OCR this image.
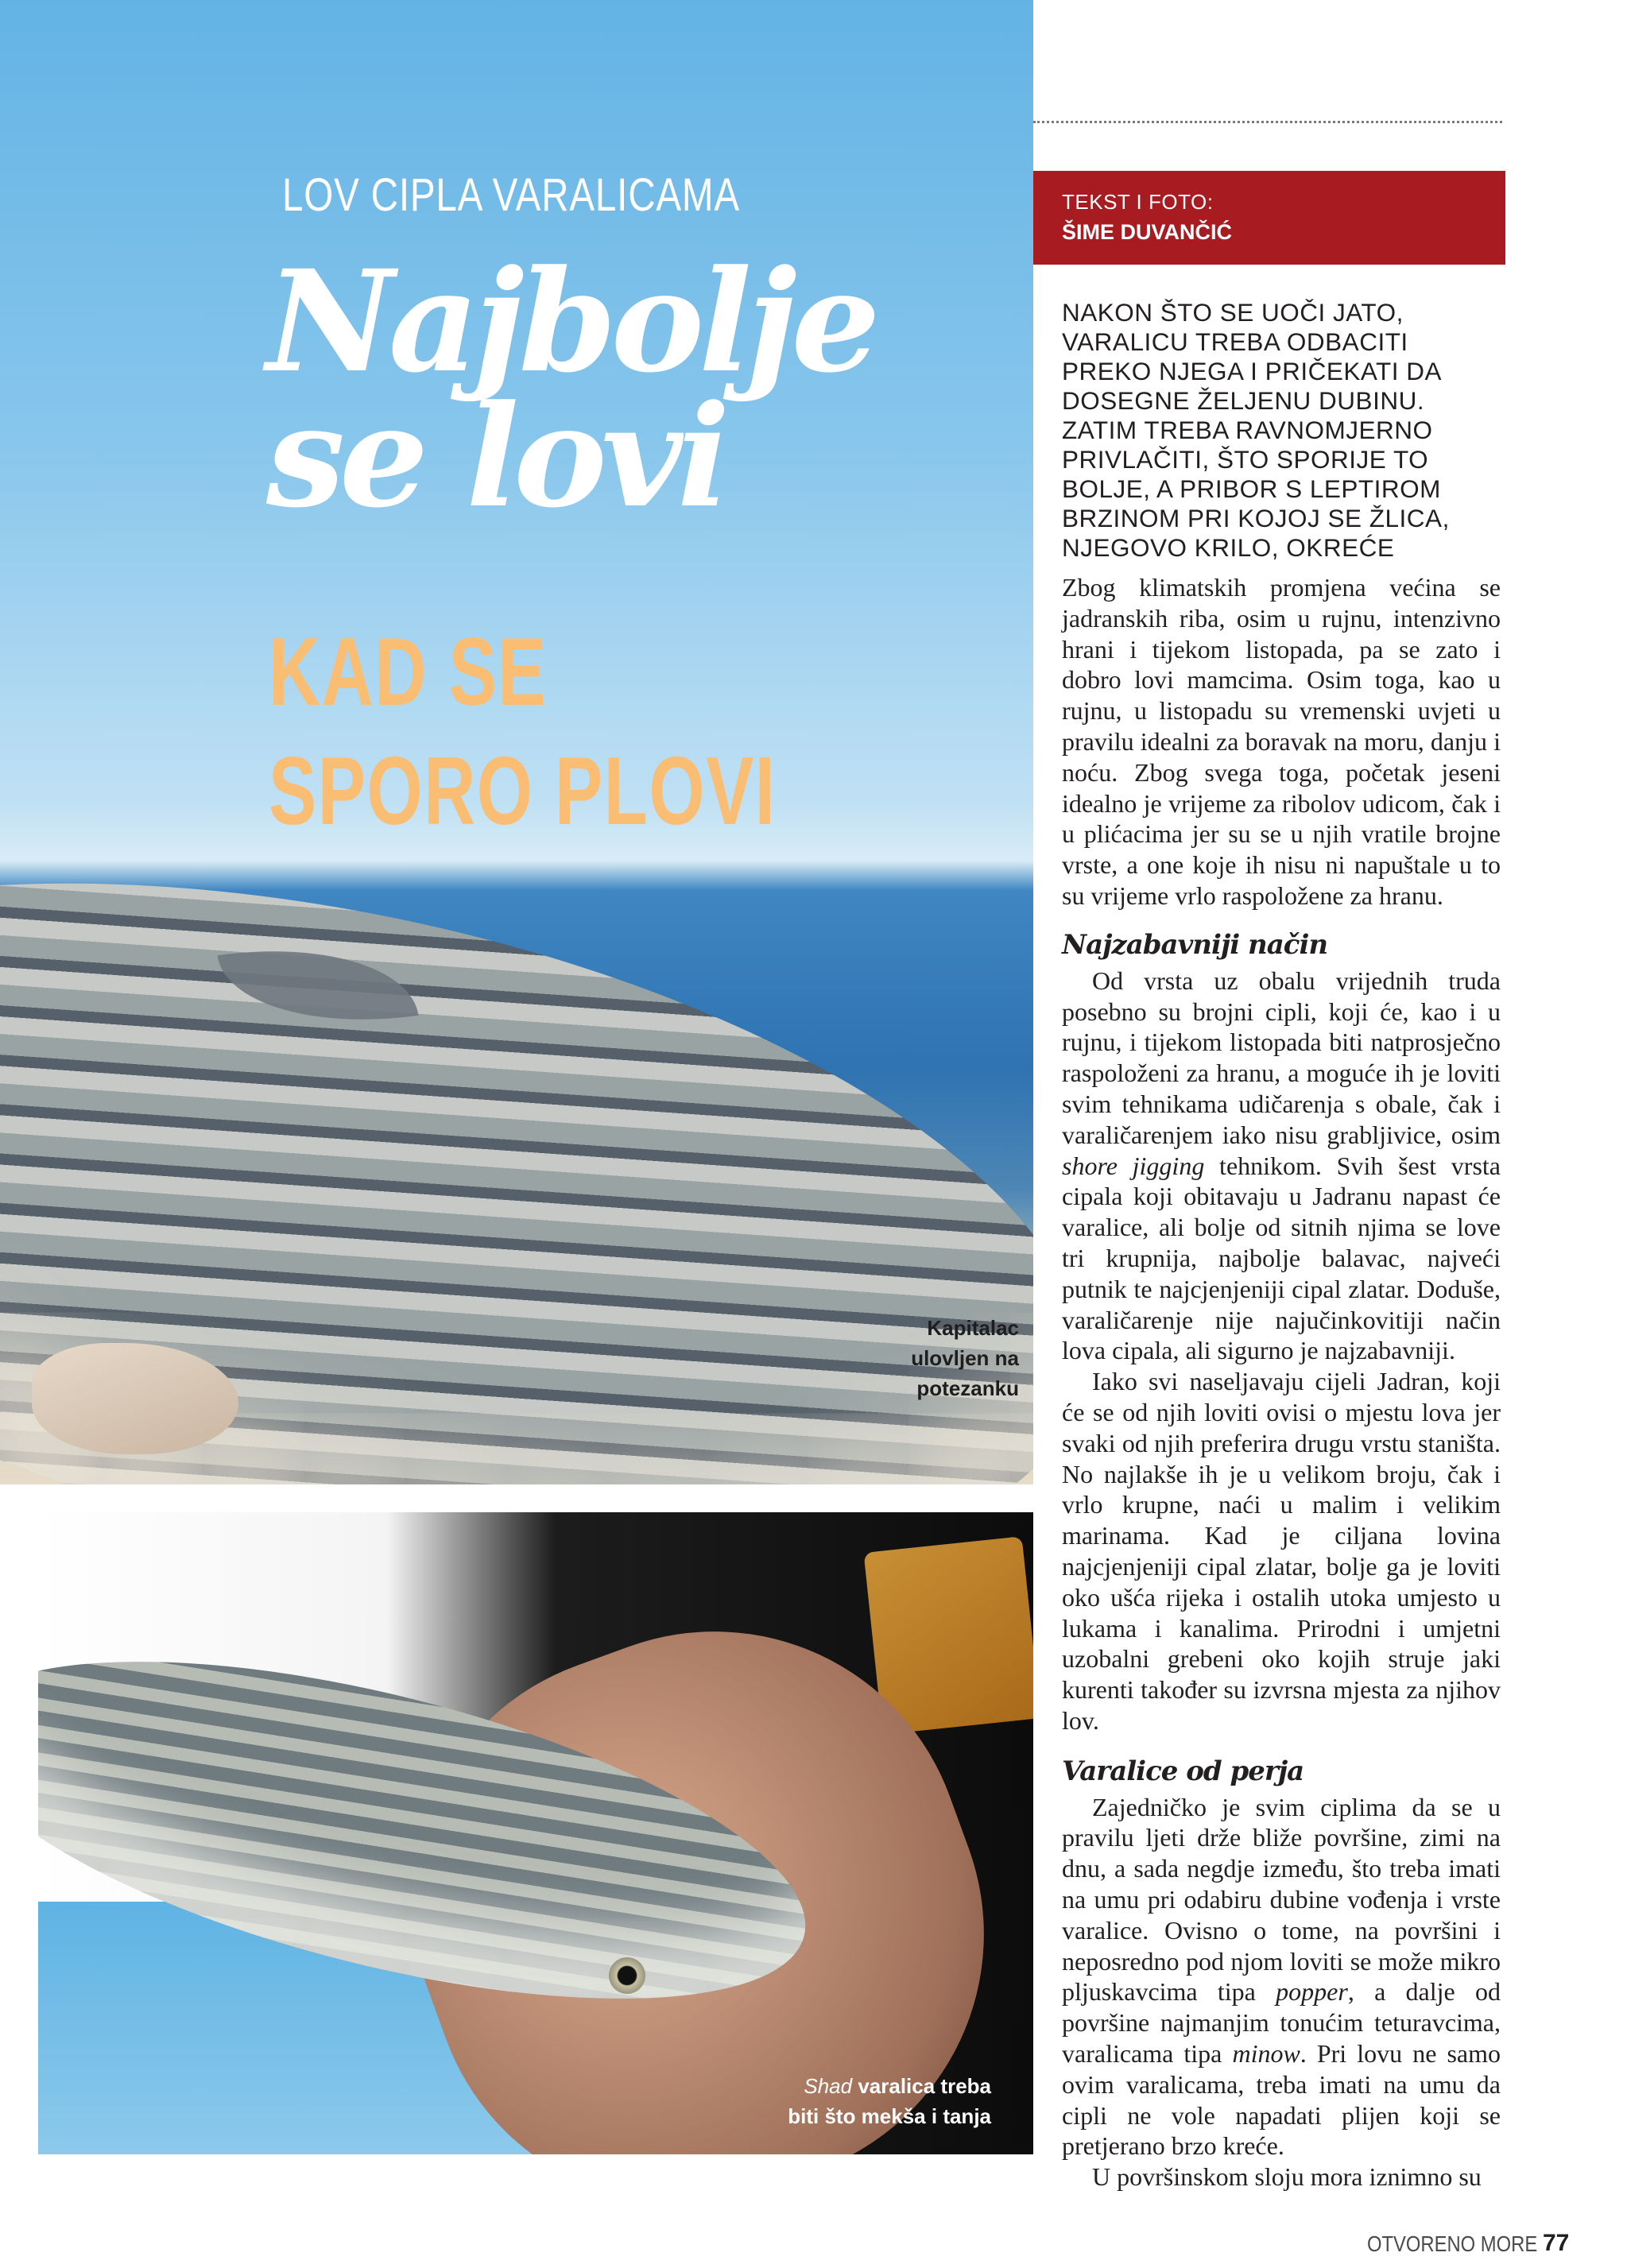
LOV CIPLA VARALICAMA
Najbolje
se lovi
KAD SE
SPORO PLOVI
Kapitalac ulovljen na potezanku
Shad varalica treba biti što mekša i tanja
TEKST I FOTO:
ŠIME DUVANČIĆ

NAKON ŠTO SE UOČI JATO, VARALICU TREBA ODBACITI PREKO NJEGA I PRIČEKATI DA DOSEGNE ŽELJENU DUBINU. ZATIM TREBA RAVNOMJERNO PRIVLAČITI, ŠTO SPORIJE TO BOLJE, A PRIBOR S LEPTIROM BRZINOM PRI KOJOJ SE ŽLICA, NJEGOVO KRILO, OKREĆE

Zbog klimatskih promjena većina se jadranskih riba, osim u rujnu, intenzivno hrani i tijekom listopada, pa se zato i dobro lovi mamcima. Osim toga, kao u rujnu, u listopadu su vremenski uvjeti u pravilu idealni za boravak na moru, danju i noću. Zbog svega toga, početak jeseni idealno je vrijeme za ribolov udicom, čak i u plićacima jer su se u njih vratile brojne vrste, a one koje ih nisu ni napuštale u to su vrijeme vrlo raspoložene za hranu.

Najzabavniji način

Od vrsta uz obalu vrijednih truda posebno su brojni cipli, koji će, kao i u rujnu, i tijekom listopada biti natprosječno raspoloženi za hranu, a moguće ih je loviti svim tehnikama udičarenja s obale, čak i varaličarenjem iako nisu grabljivice, osim shore jigging tehnikom. Svih šest vrsta cipala koji obitavaju u Jadranu napast će varalice, ali bolje od sitnih njima se love tri krupnija, najbolje balavac, najveći putnik te najcjenjeniji cipal zlatar. Doduše, varaličarenje nije najučinkovitiji način lova cipala, ali sigurno je najzabavniji.

Iako svi naseljavaju cijeli Jadran, koji će se od njih loviti ovisi o mjestu lova jer svaki od njih preferira drugu vrstu staništa. No najlakše ih je u velikom broju, čak i vrlo krupne, naći u malim i velikim marinama. Kad je ciljana lovina najcjenjeniji cipal zlatar, bolje ga je loviti oko ušća rijeka i ostalih utoka umjesto u lukama i kanalima. Prirodni i umjetni uzobalni grebeni oko kojih struje jaki kurenti također su izvrsna mjesta za njihov lov.

Varalice od perja

Zajedničko je svim ciplima da se u pravilu ljeti drže bliže površine, zimi na dnu, a sada negdje između, što treba imati na umu pri odabiru dubine vođenja i vrste varalice. Ovisno o tome, na površini i neposredno pod njom loviti se može mikro pljuskavcima tipa popper, a dalje od površine najmanjim tonućim teturavcima, varalicama tipa minow. Pri lovu ne samo ovim varalicama, treba imati na umu da cipli ne vole napadati plijen koji se pretjerano brzo kreće.

U površinskom sloju mora iznimno su

OTVORENO MORE 77
